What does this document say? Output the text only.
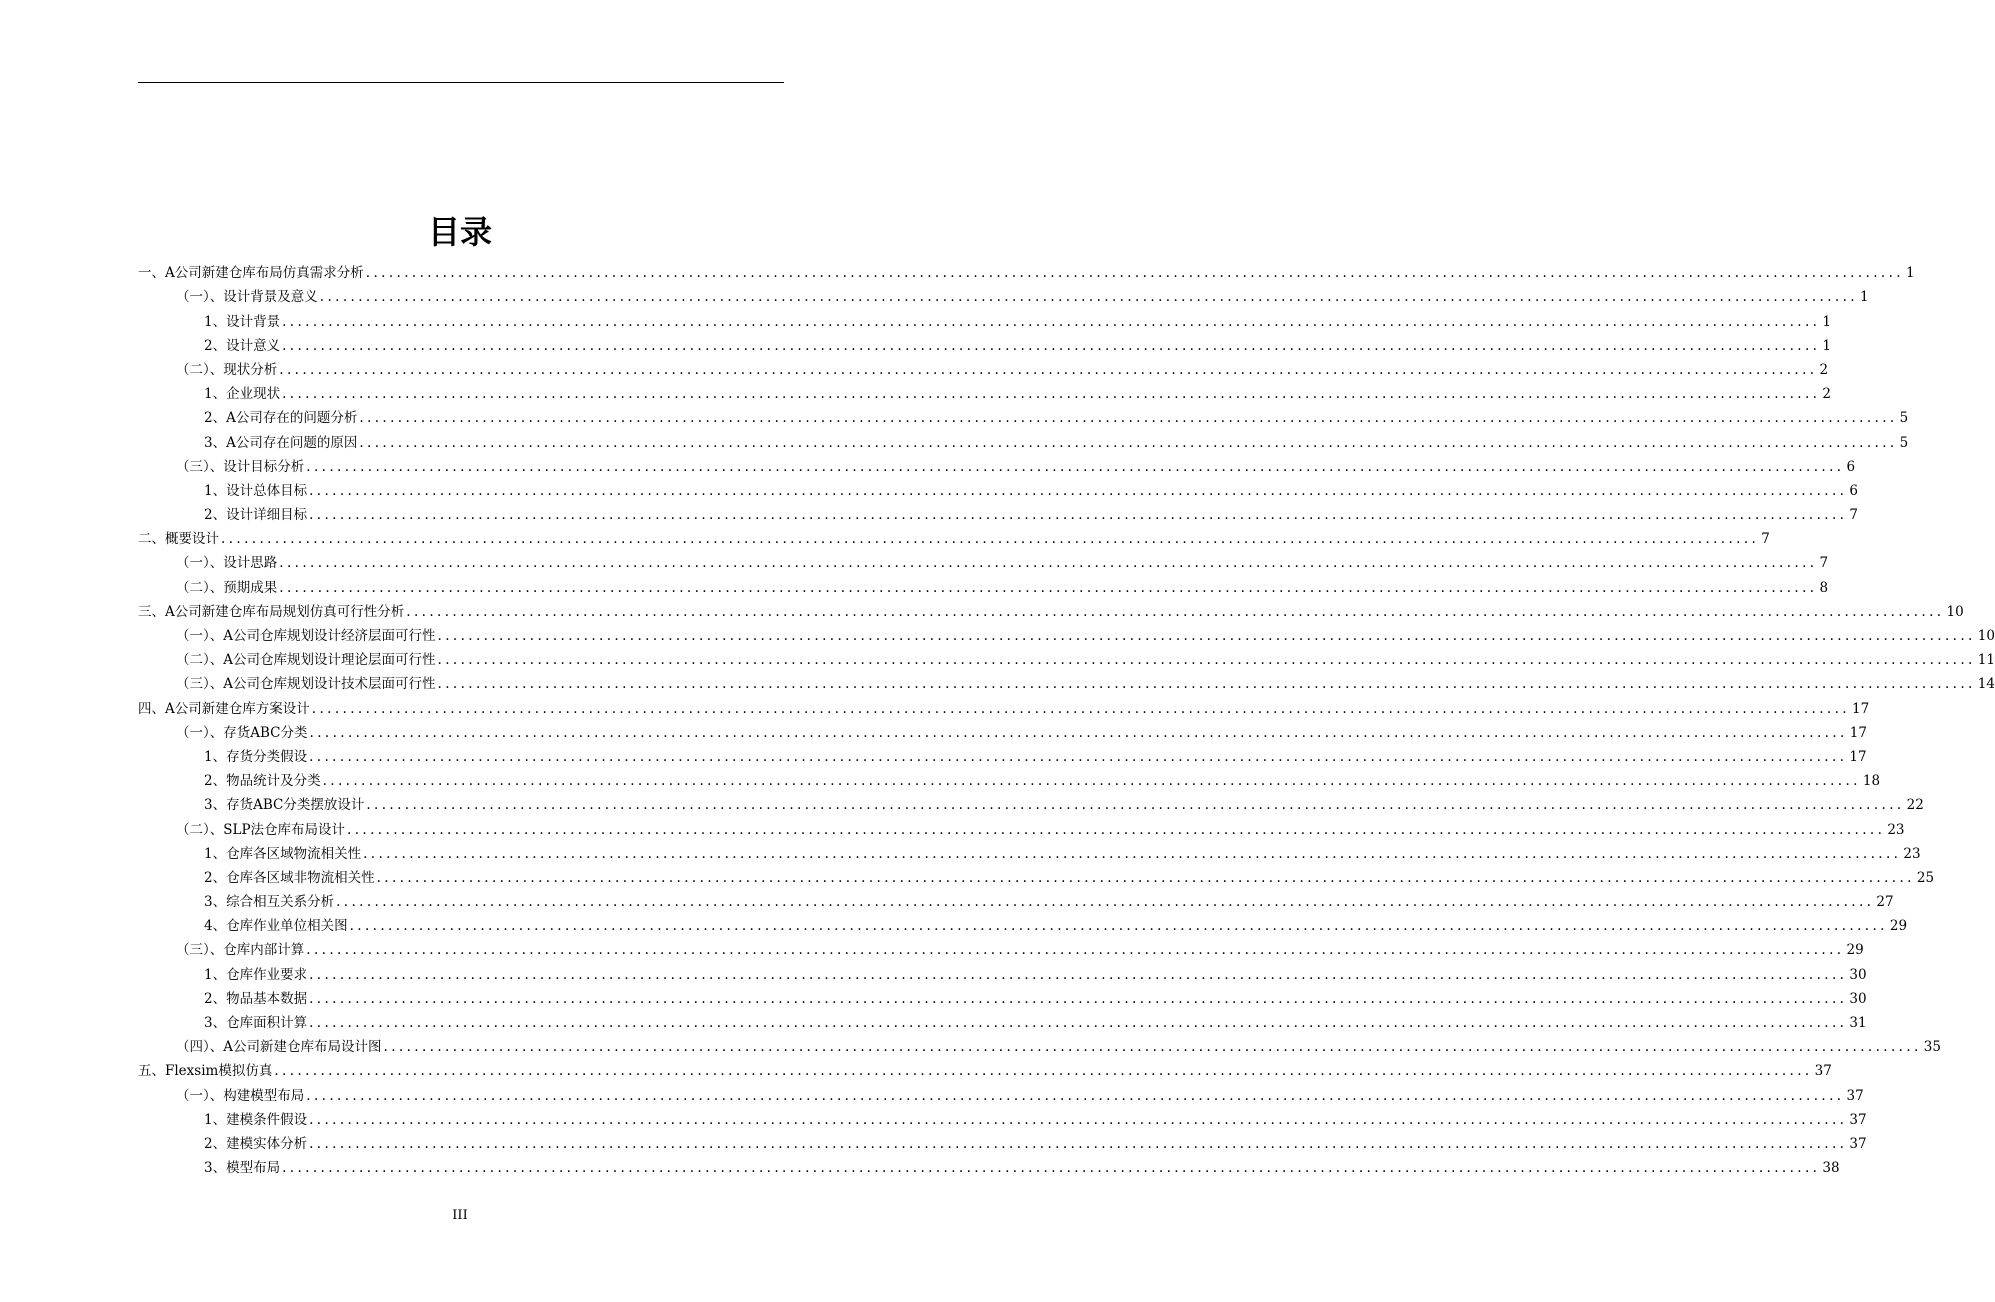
目录
一、A公司新建仓库布局仿真需求分析 ........................................................................................................................................................................................................ 1
（一）、设计背景及意义 ........................................................................................................................................................................................................ 1
1、设计背景 ........................................................................................................................................................................................................ 1
2、设计意义 ........................................................................................................................................................................................................ 1
（二）、现状分析 ........................................................................................................................................................................................................ 2
1、企业现状 ........................................................................................................................................................................................................ 2
2、A公司存在的问题分析 ........................................................................................................................................................................................................ 5
3、A公司存在问题的原因 ........................................................................................................................................................................................................ 5
（三）、设计目标分析 ........................................................................................................................................................................................................ 6
1、设计总体目标 ........................................................................................................................................................................................................ 6
2、设计详细目标 ........................................................................................................................................................................................................ 7
二、概要设计 ........................................................................................................................................................................................................ 7
（一）、设计思路 ........................................................................................................................................................................................................ 7
（二）、预期成果 ........................................................................................................................................................................................................ 8
三、A公司新建仓库布局规划仿真可行性分析 ........................................................................................................................................................................................................ 10
（一）、A公司仓库规划设计经济层面可行性 ........................................................................................................................................................................................................ 10
（二）、A公司仓库规划设计理论层面可行性 ........................................................................................................................................................................................................ 11
（三）、A公司仓库规划设计技术层面可行性 ........................................................................................................................................................................................................ 14
四、A公司新建仓库方案设计 ........................................................................................................................................................................................................ 17
（一）、存货ABC分类 ........................................................................................................................................................................................................ 17
1、存货分类假设 ........................................................................................................................................................................................................ 17
2、物品统计及分类 ........................................................................................................................................................................................................ 18
3、存货ABC分类摆放设计 ........................................................................................................................................................................................................ 22
（二）、SLP法仓库布局设计 ........................................................................................................................................................................................................ 23
1、仓库各区域物流相关性 ........................................................................................................................................................................................................ 23
2、仓库各区域非物流相关性 ........................................................................................................................................................................................................ 25
3、综合相互关系分析 ........................................................................................................................................................................................................ 27
4、仓库作业单位相关图 ........................................................................................................................................................................................................ 29
（三）、仓库内部计算 ........................................................................................................................................................................................................ 29
1、仓库作业要求 ........................................................................................................................................................................................................ 30
2、物品基本数据 ........................................................................................................................................................................................................ 30
3、仓库面积计算 ........................................................................................................................................................................................................ 31
（四）、A公司新建仓库布局设计图 ........................................................................................................................................................................................................ 35
五、Flexsim模拟仿真 ........................................................................................................................................................................................................ 37
（一）、构建模型布局 ........................................................................................................................................................................................................ 37
1、建模条件假设 ........................................................................................................................................................................................................ 37
2、建模实体分析 ........................................................................................................................................................................................................ 37
3、模型布局 ........................................................................................................................................................................................................ 38
III
